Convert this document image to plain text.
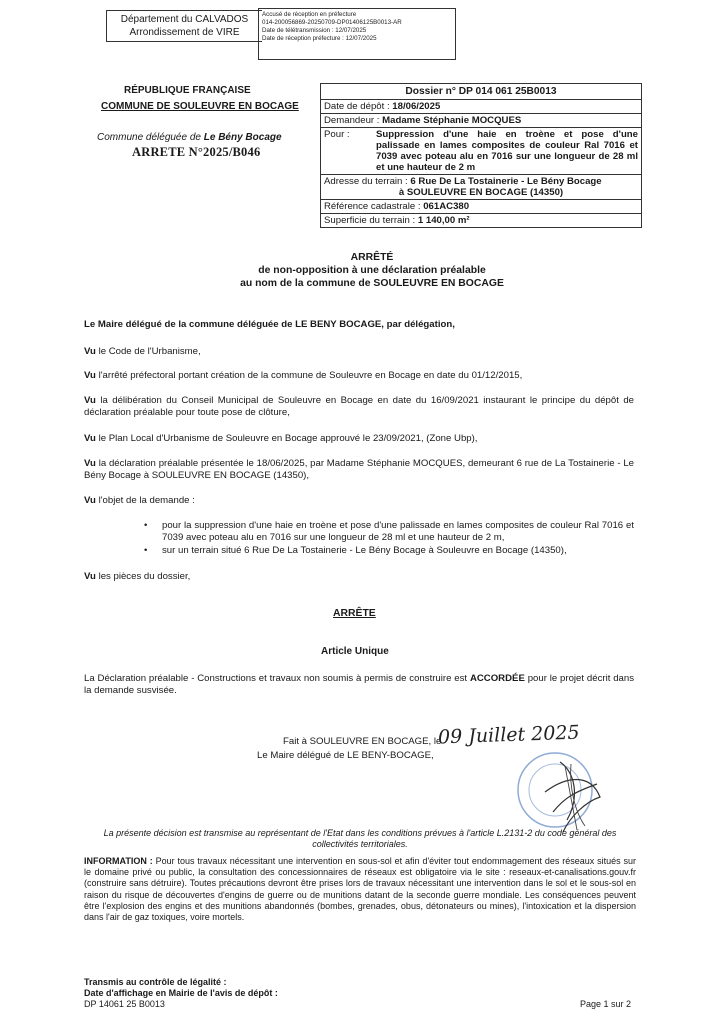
Département du CALVADOS
Arrondissement de VIRE
Accusé de réception en préfecture
014-200056869-20250709-DP01406125B0013-AR
Date de télétransmission : 12/07/2025
Date de réception préfecture : 12/07/2025
RÉPUBLIQUE FRANÇAISE
COMMUNE DE SOULEUVRE EN BOCAGE
Commune déléguée de Le Bény Bocage
ARRETE N°2025/B046
Dossier n° DP 014 061 25B0013
Date de dépôt : 18/06/2025
Demandeur : Madame Stéphanie MOCQUES
Pour :	Suppression d'une haie en troène et pose d'une palissade en lames composites de couleur Ral 7016 et 7039 avec poteau alu en 7016 sur une longueur de 28 ml et une hauteur de 2 m
Adresse du terrain : 6 Rue De La Tostainerie - Le Bény Bocage
à SOULEUVRE EN BOCAGE (14350)
Référence cadastrale : 061AC380
Superficie du terrain : 1 140,00 m²
ARRÊTÉ
de non-opposition à une déclaration préalable
au nom de la commune de SOULEUVRE EN BOCAGE
Le Maire délégué de la commune déléguée de LE BENY BOCAGE, par délégation,
Vu le Code de l'Urbanisme,
Vu l'arrêté préfectoral portant création de la commune de Souleuvre en Bocage en date du 01/12/2015,
Vu la délibération du Conseil Municipal de Souleuvre en Bocage en date du 16/09/2021 instaurant le principe du dépôt de déclaration préalable pour toute pose de clôture,
Vu le Plan Local d'Urbanisme de Souleuvre en Bocage approuvé le 23/09/2021, (Zone Ubp),
Vu la déclaration préalable présentée le 18/06/2025, par Madame Stéphanie MOCQUES, demeurant 6 rue de La Tostainerie - Le Bény Bocage à SOULEUVRE EN BOCAGE (14350),
Vu l'objet de la demande :
• pour la suppression d'une haie en troène et pose d'une palissade en lames composites de couleur Ral 7016 et 7039 avec poteau alu en 7016 sur une longueur de 28 ml et une hauteur de 2 m,
• sur un terrain situé 6 Rue De La Tostainerie - Le Bény Bocage à Souleuvre en Bocage (14350),
Vu les pièces du dossier,
ARRÊTE
Article Unique
La Déclaration préalable - Constructions et travaux non soumis à permis de construire est ACCORDÉE pour le projet décrit dans la demande susvisée.
Fait à SOULEUVRE EN BOCAGE, le
09 Juillet 2025
Le Maire délégué de LE BENY-BOCAGE,
La présente décision est transmise au représentant de l'Etat dans les conditions prévues à l'article L.2131-2 du code général des collectivités territoriales.
INFORMATION : Pour tous travaux nécessitant une intervention en sous-sol et afin d'éviter tout endommagement des réseaux situés sur le domaine privé ou public, la consultation des concessionnaires de réseaux est obligatoire via le site : reseaux-et-canalisations.gouv.fr (construire sans détruire). Toutes précautions devront être prises lors de travaux nécessitant une intervention dans le sol et le sous-sol en raison du risque de découvertes d'engins de guerre ou de munitions datant de la seconde guerre mondiale. Les conséquences peuvent être l'explosion des engins et des munitions abandonnés (bombes, grenades, obus, détonateurs ou mines), l'intoxication et la dispersion dans l'air de gaz toxiques, voire mortels.
Transmis au contrôle de légalité :
Date d'affichage en Mairie de l'avis de dépôt :
DP 14061 25 B0013	Page 1 sur 2
